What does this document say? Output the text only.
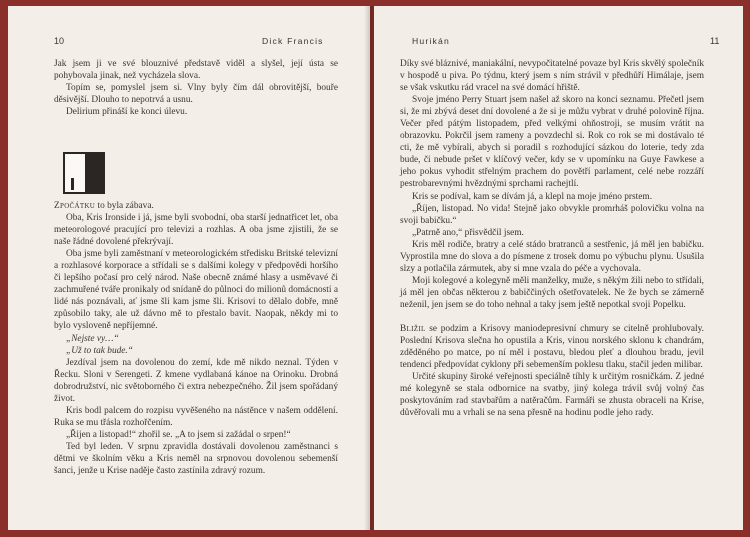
10	Dick Francis

Jak jsem ji ve své blouznivé představě viděl a slyšel, její ústa se pohybovala jinak, než vycházela slova.

Topím se, pomyslel jsem si. Vlny byly čím dál obrovitější, bouře děsivější. Dlouho to nepotrvá a usnu.

Delirium přináší ke konci úlevu.

Zpočátku to byla zábava.

Oba, Kris Ironside i já, jsme byli svobodní, oba starší jednatřicet let, oba meteorologové pracující pro televizi a rozhlas. A oba jsme zjistili, že se naše řádné dovolené překrývají.

Oba jsme byli zaměstnaní v meteorologickém středisku Britské televizní a rozhlasové korporace a střídali se s dalšími kolegy v předpovědi horšího či lepšího počasí pro celý národ. Naše obecně známé hlasy a usměvavé či zachmuřené tváře pronikaly od snídaně do půlnoci do milionů domácností a lidé nás poznávali, ať jsme šli kam jsme šli. Krisovi to dělalo dobře, mně způsobilo taky, ale už dávno mě to přestalo bavit. Naopak, někdy mi to bylo vysloveně nepříjemné.

„Nejste vy…“

„Už to tak bude.“

Jezdíval jsem na dovolenou do zemí, kde mě nikdo neznal. Týden v Řecku. Sloni v Serengeti. Z kmene vydlabaná kánoe na Orinoku. Drobná dobrodružství, nic světoborného či extra nebezpečného. Žil jsem spořádaný život.

Kris bodl palcem do rozpisu vyvěšeného na nástěnce v našem oddělení. Ruka se mu třásla rozhořčením.

„Řijen a listopad!“ zhořil se. „A to jsem si zažádal o srpen!“

Ted byl leden. V srpnu zpravidla dostávali dovolenou zaměstnanci s dětmi ve školním věku a Kris neměl na srpnovou dovolenou sebemenší šanci, jenže u Krise naděje často zastínila zdravý rozum.

Hurikán	11

Díky své bláznivé, maniakální, nevypočitatelné povaze byl Kris skvělý společník v hospodě u piva. Po týdnu, který jsem s ním strávil v předhůří Himálaje, jsem se však vskutku rád vracel na své domácí hřiště.

Svoje jméno Perry Stuart jsem našel až skoro na konci seznamu. Přečetl jsem si, že mi zbývá deset dní dovolené a že si je můžu vybrat v druhé polovině října. Večer před pátým listopadem, před velkými ohňostroji, se musím vrátit na obrazovku. Pokrčil jsem rameny a povzdechl si. Rok co rok se mi dostávalo té cti, že mě vybírali, abych si poradil s rozhodující sázkou do loterie, tedy zda bude, či nebude pršet v klíčový večer, kdy se v upomínku na Guye Fawkese a jeho pokus vyhodit střelným prachem do povětří parlament, celé nebe rozzáří pestrobarevnými hvězdnými sprchami rachejtlí.

Kris se podíval, kam se dívám já, a klepl na moje jméno prstem.

„Říjen, listopad. No vida! Stejně jako obvykle promrháš polovičku volna na svoji babičku.“

„Patrně ano,“ přisvědčil jsem.

Kris měl rodiče, bratry a celé stádo bratranců a sestřenic, já měl jen babičku. Vyprostila mne do slova a do písmene z trosek domu po výbuchu plynu. Usušila slzy a potlačila zármutek, aby si mne vzala do péče a vychovala.

Moji kolegové a kolegyně měli manželky, muže, s někým žili nebo to střídali, já měl jen občas některou z babiččiných ošetřovatelek. Ne že bych se zámerně neženil, jen jsem se do toho nehnal a taky jsem ještě nepotkal svoji Popelku.

Bližil se podzim a Krisovy maniodepresivní chmury se citelně prohlubovaly. Poslední Krisova slečna ho opustila a Kris, vinou norského sklonu k chandrám, zděděného po matce, po ní měl i postavu, bledou pleť a dlouhou bradu, jevil tendenci předpovídat cyklony při sebemenším poklesu tlaku, stačil jeden milibar.

Určité skupiny široké veřejnosti speciálně tíhly k určitým rosničkám. Z jedné mé kolegyně se stala odbornice na svatby, jiný kolega trávil svůj volný čas poskytováním rad stavbařům a natěračům. Farmáři se zhusta obraceli na Krise, důvěřovali mu a vrhali se na sena přesně na hodinu podle jeho rady.
